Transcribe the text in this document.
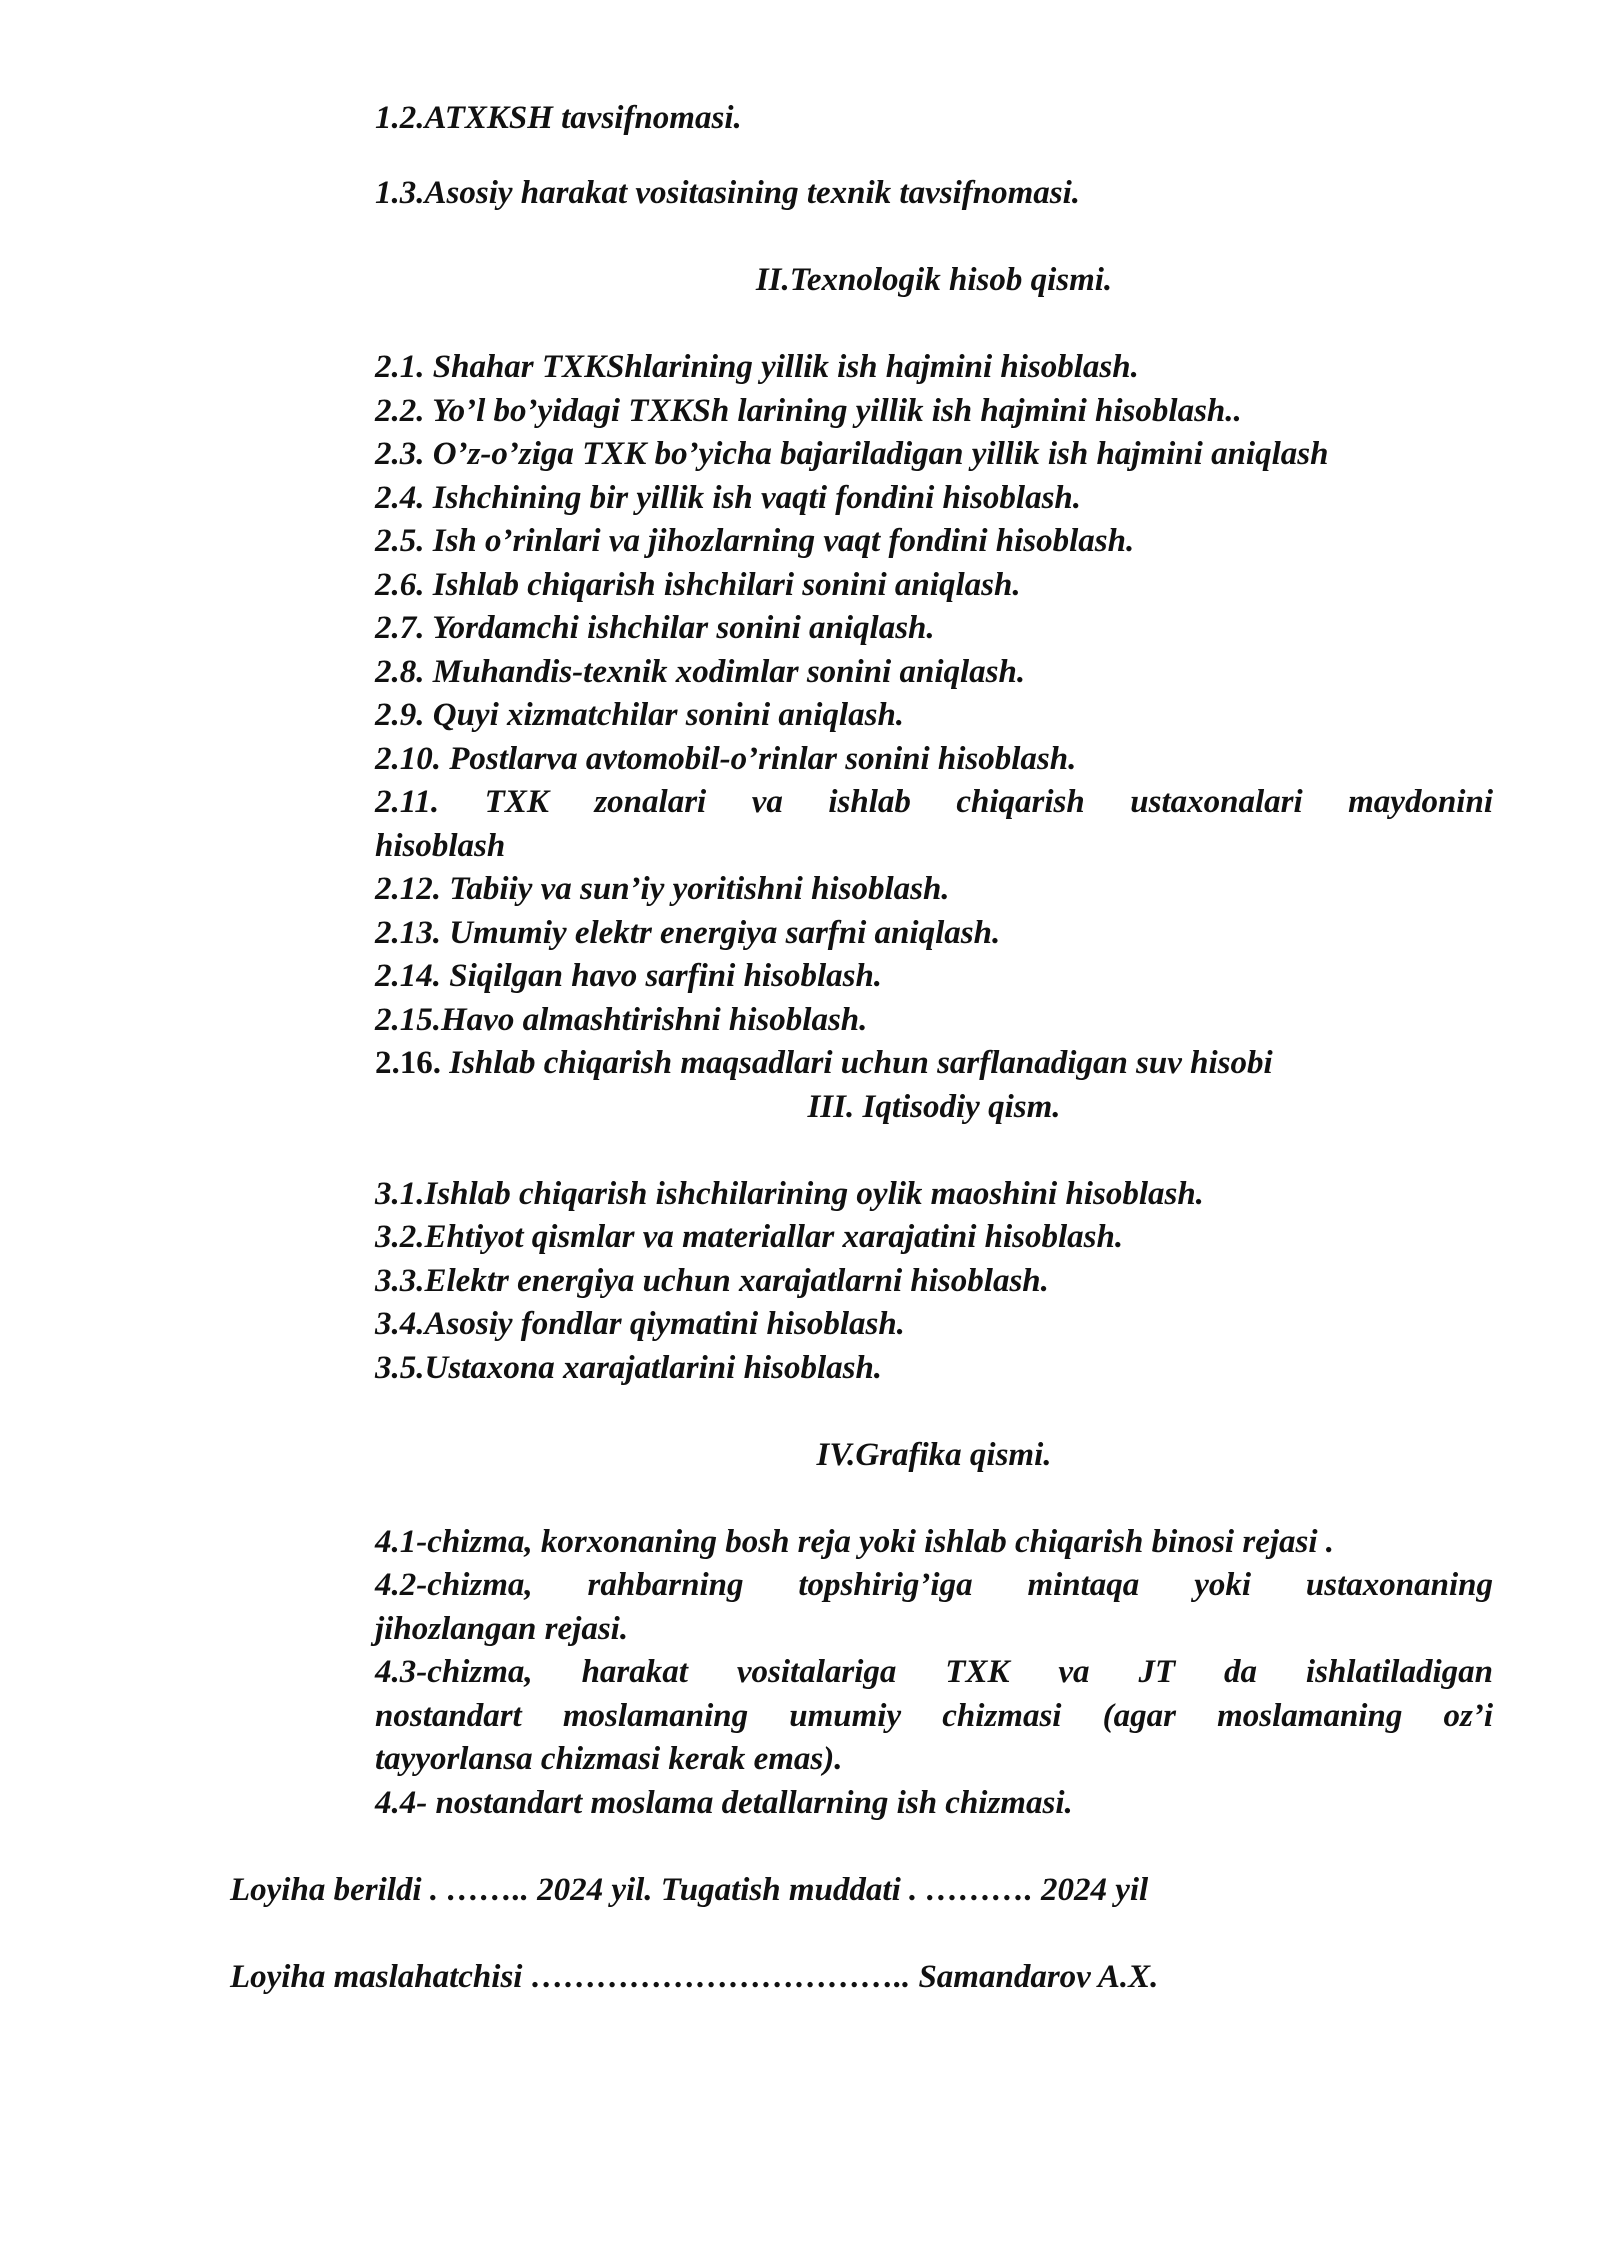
1.2.ATXKSH tavsifnomasi.
1.3.Asosiy harakat vositasining texnik tavsifnomasi.
II.Texnologik hisob qismi.
2.1. Shahar TXKShlarining yillik ish hajmini hisoblash.
2.2. Yo’l bo’yidagi TXKSh larining yillik ish hajmini hisoblash..
2.3. O’z-o’ziga TXK bo’yicha bajariladigan yillik ish hajmini aniqlash
2.4. Ishchining bir yillik ish vaqti fondini hisoblash.
2.5. Ish o’rinlari va jihozlarning vaqt fondini hisoblash.
2.6. Ishlab chiqarish ishchilari sonini aniqlash.
2.7. Yordamchi ishchilar sonini aniqlash.
2.8. Muhandis-texnik xodimlar sonini aniqlash.
2.9. Quyi xizmatchilar sonini aniqlash.
2.10. Postlarva avtomobil-o’rinlar sonini hisoblash.
2.11. TXK zonalari va ishlab chiqarish ustaxonalari maydonini
hisoblash
2.12. Tabiiy va sun’iy yoritishni hisoblash.
2.13. Umumiy elektr energiya sarfni aniqlash.
2.14. Siqilgan havo sarfini hisoblash.
2.15.Havo almashtirishni hisoblash.
2.16. Ishlab chiqarish maqsadlari uchun sarflanadigan suv hisobi
III. Iqtisodiy qism.
3.1.Ishlab chiqarish ishchilarining oylik maoshini hisoblash.
3.2.Ehtiyot qismlar va materiallar xarajatini hisoblash.
3.3.Elektr energiya uchun xarajatlarni hisoblash.
3.4.Asosiy fondlar qiymatini hisoblash.
3.5.Ustaxona xarajatlarini hisoblash.
IV.Grafika qismi.
4.1-chizma, korxonaning bosh reja yoki ishlab chiqarish binosi rejasi .
4.2-chizma, rahbarning topshirig’iga mintaqa yoki ustaxonaning
jihozlangan rejasi.
4.3-chizma, harakat vositalariga TXK va JT da ishlatiladigan
nostandart moslamaning umumiy chizmasi (agar moslamaning oz’i
tayyorlansa chizmasi kerak emas).
4.4- nostandart moslama detallarning ish chizmasi.
Loyiha berildi . …….. 2024 yil. Tugatish muddati . ………. 2024 yil
Loyiha maslahatchisi …………………………….. Samandarov A.X.
